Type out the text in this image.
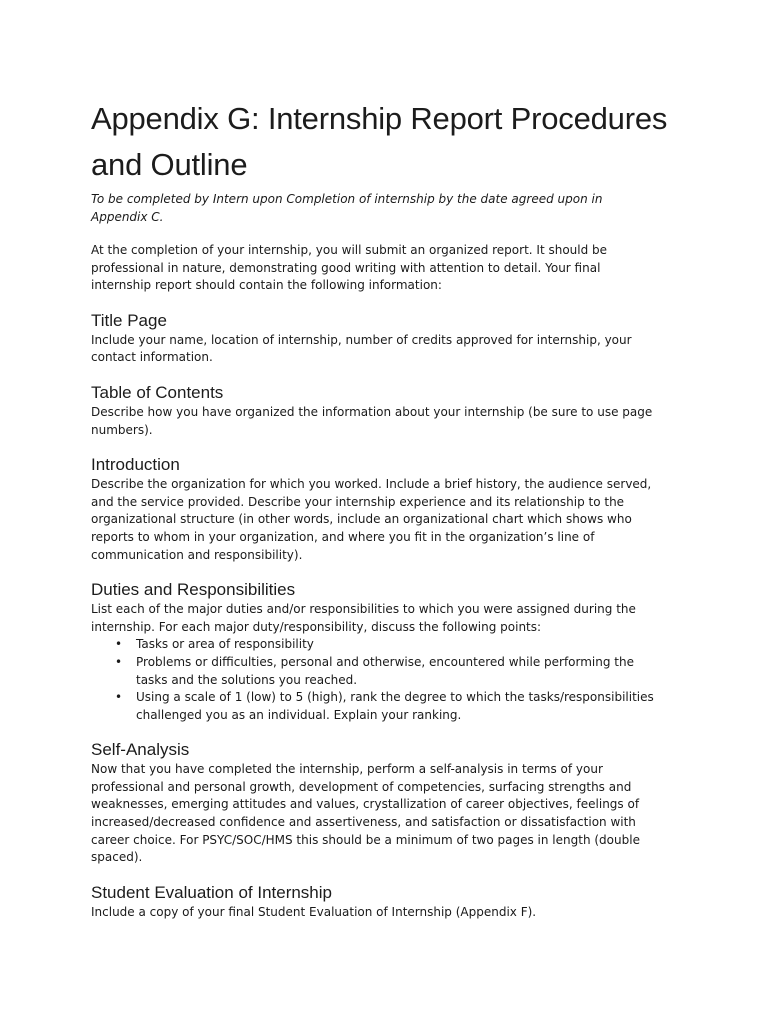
Appendix G: Internship Report Procedures
and Outline

To be completed by Intern upon Completion of internship by the date agreed upon in
Appendix C.

At the completion of your internship, you will submit an organized report. It should be
professional in nature, demonstrating good writing with attention to detail. Your final
internship report should contain the following information:

Title Page

Include your name, location of internship, number of credits approved for internship, your
contact information.

Table of Contents

Describe how you have organized the information about your internship (be sure to use page
numbers).

Introduction

Describe the organization for which you worked. Include a brief history, the audience served,
and the service provided. Describe your internship experience and its relationship to the
organizational structure (in other words, include an organizational chart which shows who
reports to whom in your organization, and where you fit in the organization’s line of
communication and responsibility).

Duties and Responsibilities

List each of the major duties and/or responsibilities to which you were assigned during the
internship. For each major duty/responsibility, discuss the following points:

• Tasks or area of responsibility
• Problems or difficulties, personal and otherwise, encountered while performing the
tasks and the solutions you reached.
• Using a scale of 1 (low) to 5 (high), rank the degree to which the tasks/responsibilities
challenged you as an individual. Explain your ranking.
Self-Analysis

Now that you have completed the internship, perform a self-analysis in terms of your
professional and personal growth, development of competencies, surfacing strengths and
weaknesses, emerging attitudes and values, crystallization of career objectives, feelings of
increased/decreased confidence and assertiveness, and satisfaction or dissatisfaction with
career choice. For PSYC/SOC/HMS this should be a minimum of two pages in length (double
spaced).

Student Evaluation of Internship

Include a copy of your final Student Evaluation of Internship (Appendix F).
